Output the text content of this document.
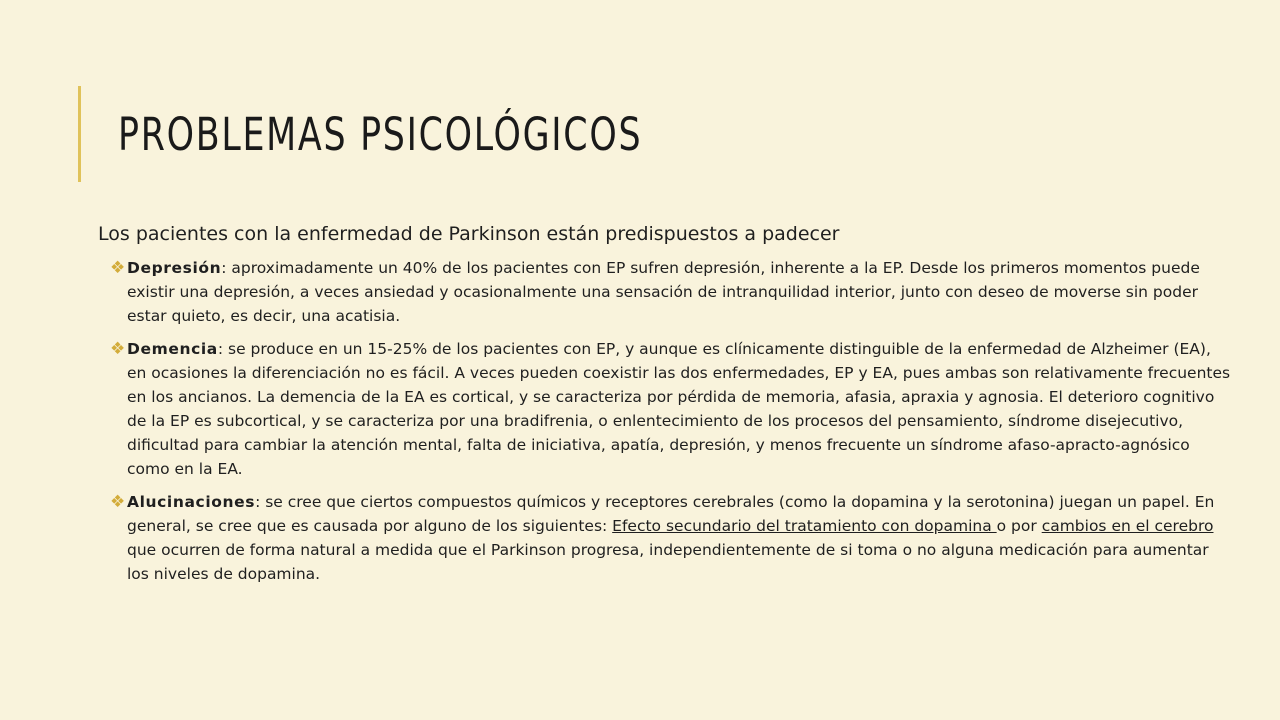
PROBLEMAS PSICOLÓGICOS

Los pacientes con la enfermedad de Parkinson están predispuestos a padecer

❖ Depresión: aproximadamente un 40% de los pacientes con EP sufren depresión, inherente a la EP. Desde los primeros momentos puede existir una depresión, a veces ansiedad y ocasionalmente una sensación de intranquilidad interior, junto con deseo de moverse sin poder estar quieto, es decir, una acatisia.
❖ Demencia: se produce en un 15-25% de los pacientes con EP, y aunque es clínicamente distinguible de la enfermedad de Alzheimer (EA), en ocasiones la diferenciación no es fácil. A veces pueden coexistir las dos enfermedades, EP y EA, pues ambas son relativamente frecuentes en los ancianos. La demencia de la EA es cortical, y se caracteriza por pérdida de memoria, afasia, apraxia y agnosia. El deterioro cognitivo de la EP es subcortical, y se caracteriza por una bradifrenia, o enlentecimiento de los procesos del pensamiento, síndrome disejecutivo, dificultad para cambiar la atención mental, falta de iniciativa, apatía, depresión, y menos frecuente un síndrome afaso-apracto-agnósico como en la EA.
❖ Alucinaciones: se cree que ciertos compuestos químicos y receptores cerebrales (como la dopamina y la serotonina) juegan un papel. En general, se cree que es causada por alguno de los siguientes: Efecto secundario del tratamiento con dopamina o por cambios en el cerebro que ocurren de forma natural a medida que el Parkinson progresa, independientemente de si toma o no alguna medicación para aumentar los niveles de dopamina.
